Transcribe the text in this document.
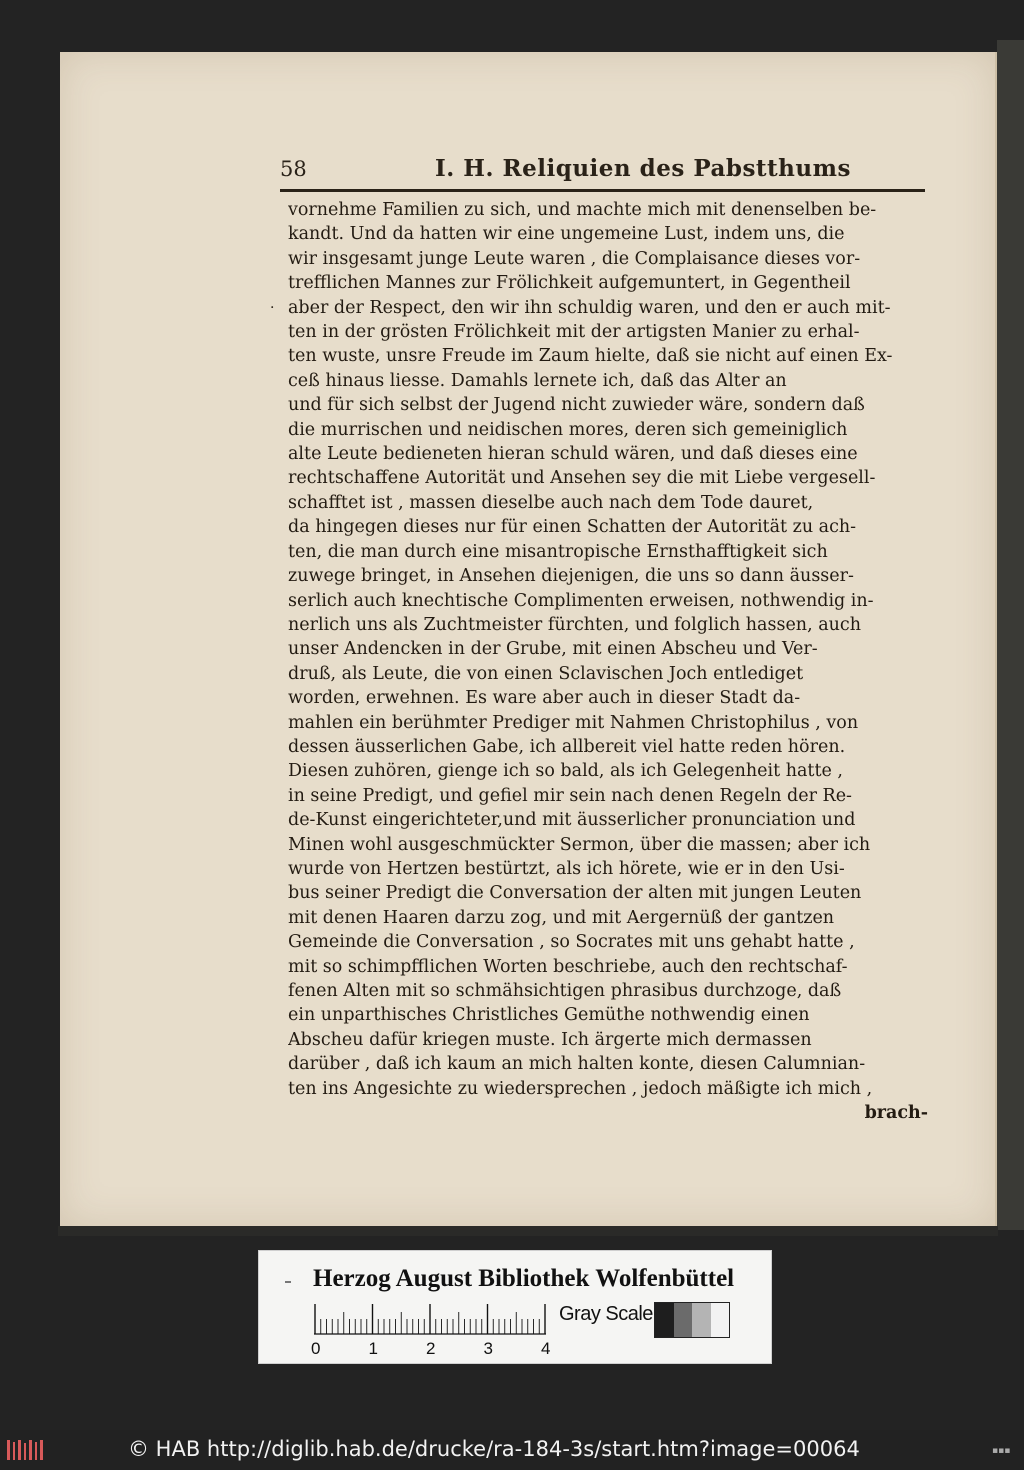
58	I. H. Reliquien des Pabstthums
·
vornehme Familien zu sich, und machte mich mit denenselben be-
kandt. Und da hatten wir eine ungemeine Lust, indem uns, die
wir insgesamt junge Leute waren , die Complaisance dieses vor-
trefflichen Mannes zur Frölichkeit aufgemuntert, in Gegentheil
aber der Respect, den wir ihn schuldig waren, und den er auch mit-
ten in der grösten Frölichkeit mit der artigsten Manier zu erhal-
ten wuste, unsre Freude im Zaum hielte, daß sie nicht auf einen Ex-
ceß hinaus liesse. Damahls lernete ich, daß das Alter an
und für sich selbst der Jugend nicht zuwieder wäre, sondern daß
die murrischen und neidischen mores, deren sich gemeiniglich
alte Leute bedieneten hieran schuld wären, und daß dieses eine
rechtschaffene Autorität und Ansehen sey die mit Liebe vergesell-
schafftet ist , massen dieselbe auch nach dem Tode dauret,
da hingegen dieses nur für einen Schatten der Autorität zu ach-
ten, die man durch eine misantropische Ernsthafftigkeit sich
zuwege bringet, in Ansehen diejenigen, die uns so dann äusser-
serlich auch knechtische Complimenten erweisen, nothwendig in-
nerlich uns als Zuchtmeister fürchten, und folglich hassen, auch
unser Andencken in der Grube, mit einen Abscheu und Ver-
druß, als Leute, die von einen Sclavischen Joch entlediget
worden, erwehnen. Es ware aber auch in dieser Stadt da-
mahlen ein berühmter Prediger mit Nahmen Christophilus , von
dessen äusserlichen Gabe, ich allbereit viel hatte reden hören.
Diesen zuhören, gienge ich so bald, als ich Gelegenheit hatte ,
in seine Predigt, und gefiel mir sein nach denen Regeln der Re-
de-Kunst eingerichteter,und mit äusserlicher pronunciation und
Minen wohl ausgeschmückter Sermon, über die massen; aber ich
wurde von Hertzen bestürtzt, als ich hörete, wie er in den Usi-
bus seiner Predigt die Conversation der alten mit jungen Leuten
mit denen Haaren darzu zog, und mit Aergernüß der gantzen
Gemeinde die Conversation , so Socrates mit uns gehabt hatte ,
mit so schimpfflichen Worten beschriebe, auch den rechtschaf-
fenen Alten mit so schmähsichtigen phrasibus durchzoge, daß
ein unparthisches Christliches Gemüthe nothwendig einen
Abscheu dafür kriegen muste. Ich ärgerte mich dermassen
darüber , daß ich kaum an mich halten konte, diesen Calumnian-
ten ins Angesichte zu wiedersprechen , jedoch mäßigte ich mich ,
brach-
Herzog August Bibliothek Wolfenbüttel
0	1	2	3	4
Gray Scale
© HAB http://diglib.hab.de/drucke/ra-184-3s/start.htm?image=00064	▪▪▪
